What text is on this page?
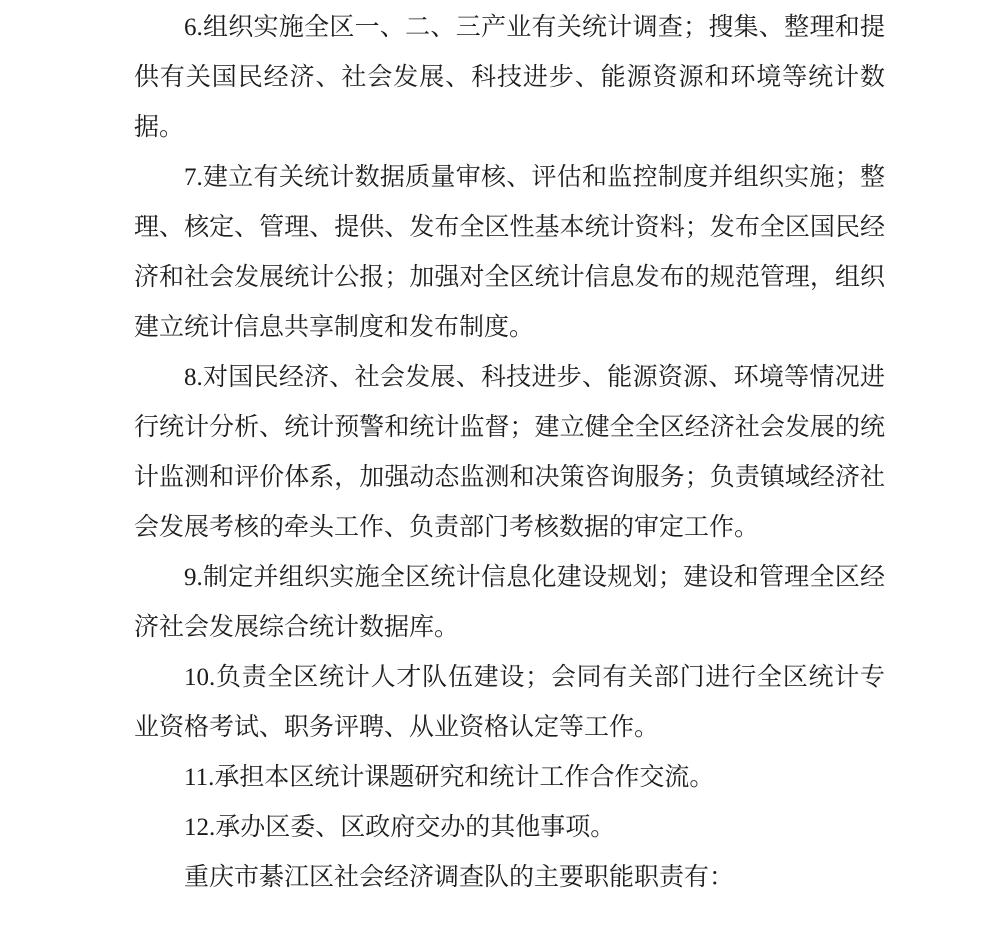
6.组织实施全区一、二、三产业有关统计调查；搜集、整理和提供有关国民经济、社会发展、科技进步、能源资源和环境等统计数据。

7.建立有关统计数据质量审核、评估和监控制度并组织实施；整理、核定、管理、提供、发布全区性基本统计资料；发布全区国民经济和社会发展统计公报；加强对全区统计信息发布的规范管理，组织建立统计信息共享制度和发布制度。

8.对国民经济、社会发展、科技进步、能源资源、环境等情况进行统计分析、统计预警和统计监督；建立健全全区经济社会发展的统计监测和评价体系，加强动态监测和决策咨询服务；负责镇域经济社会发展考核的牵头工作、负责部门考核数据的审定工作。

9.制定并组织实施全区统计信息化建设规划；建设和管理全区经济社会发展综合统计数据库。

10.负责全区统计人才队伍建设；会同有关部门进行全区统计专业资格考试、职务评聘、从业资格认定等工作。

11.承担本区统计课题研究和统计工作合作交流。

12.承办区委、区政府交办的其他事项。

重庆市綦江区社会经济调查队的主要职能职责有：
